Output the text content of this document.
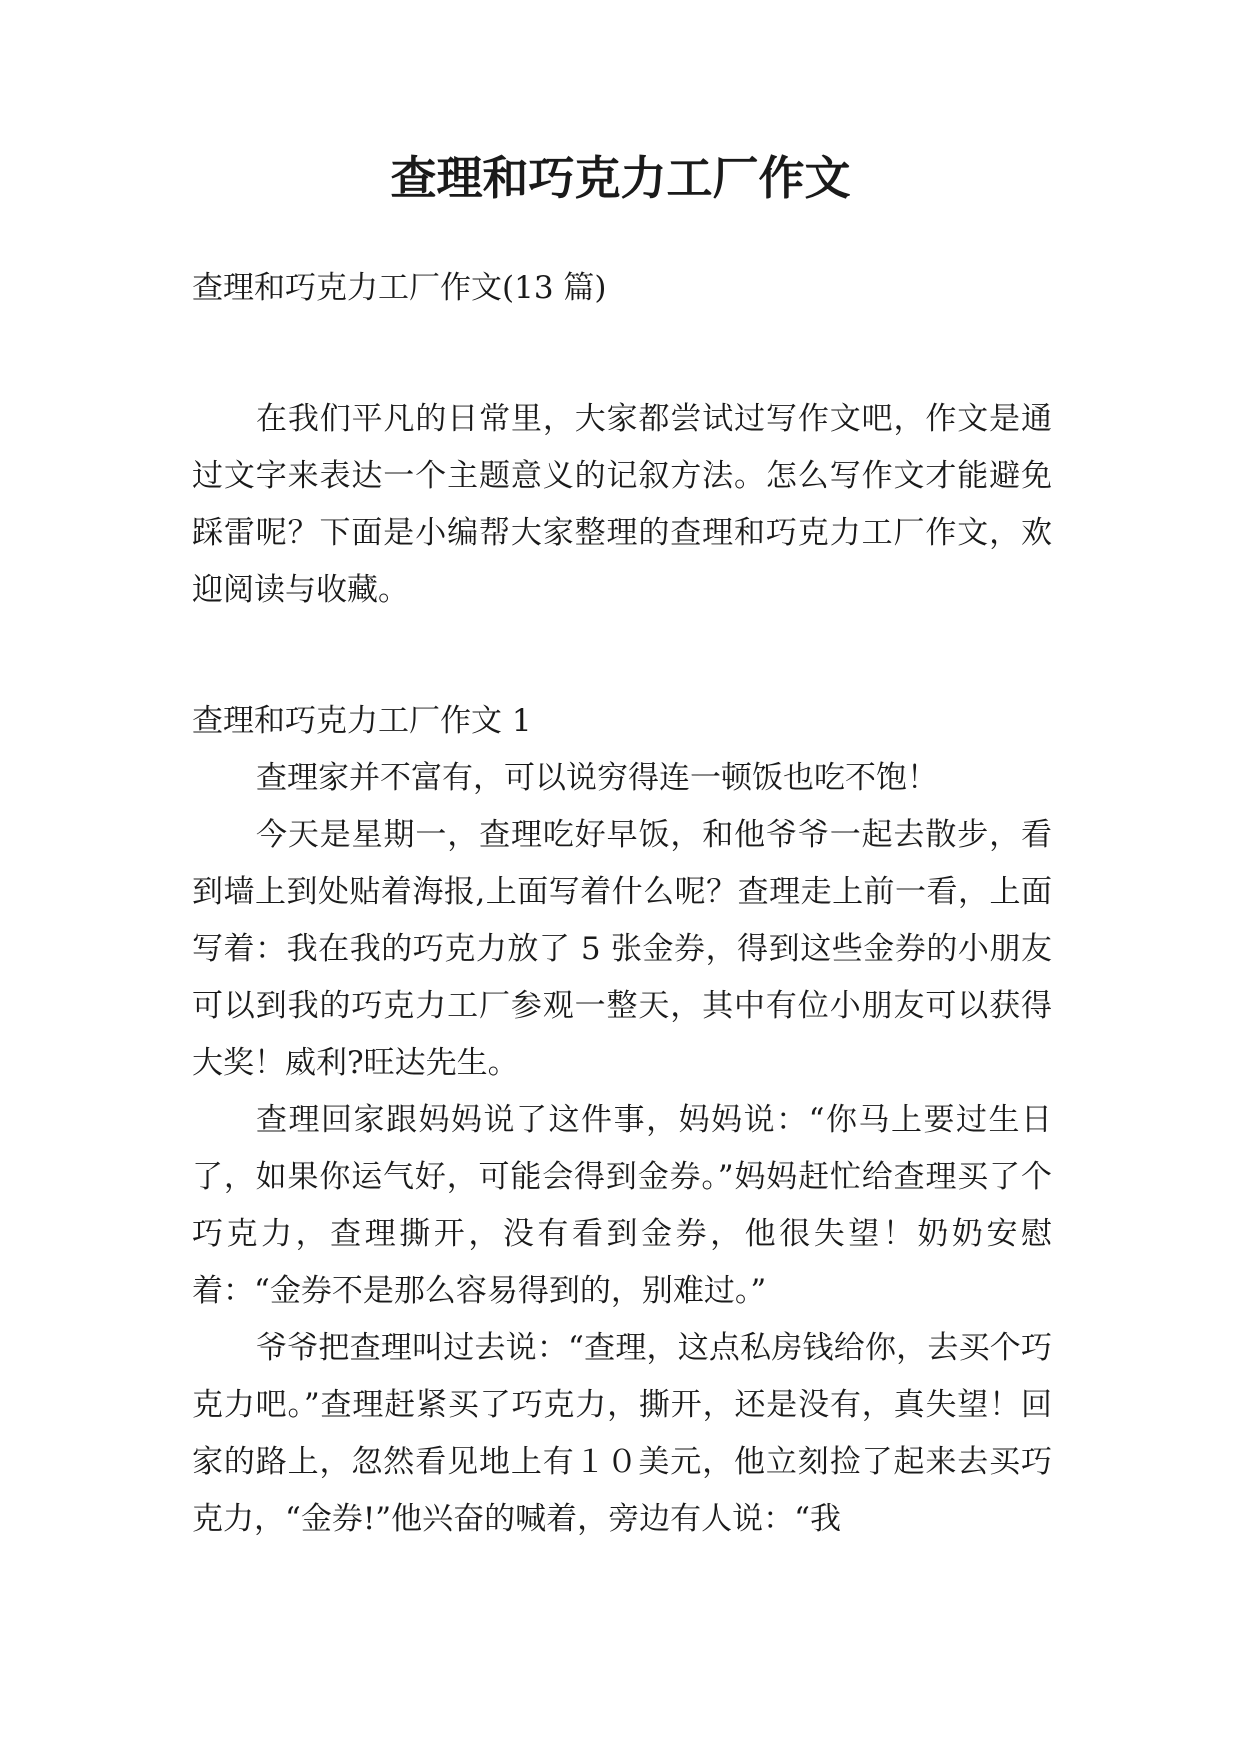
查理和巧克力工厂作文

查理和巧克力工厂作文(13 篇)

在我们平凡的日常里，大家都尝试过写作文吧，作文是通过文字来表达一个主题意义的记叙方法。怎么写作文才能避免踩雷呢？下面是小编帮大家整理的查理和巧克力工厂作文，欢迎阅读与收藏。

查理和巧克力工厂作文 1

查理家并不富有，可以说穷得连一顿饭也吃不饱！

今天是星期一，查理吃好早饭，和他爷爷一起去散步，看到墙上到处贴着海报,上面写着什么呢？查理走上前一看，上面写着：我在我的巧克力放了 5 张金券，得到这些金券的小朋友可以到我的巧克力工厂参观一整天，其中有位小朋友可以获得大奖！威利?旺达先生。

查理回家跟妈妈说了这件事，妈妈说：“你马上要过生日了，如果你运气好，可能会得到金券。”妈妈赶忙给查理买了个巧克力，查理撕开，没有看到金券，他很失望！奶奶安慰着：“金券不是那么容易得到的，别难过。”

爷爷把查理叫过去说：“查理，这点私房钱给你，去买个巧克力吧。”查理赶紧买了巧克力，撕开，还是没有，真失望！回家的路上，忽然看见地上有１０美元，他立刻捡了起来去买巧克力，“金券!”他兴奋的喊着，旁边有人说：“我
